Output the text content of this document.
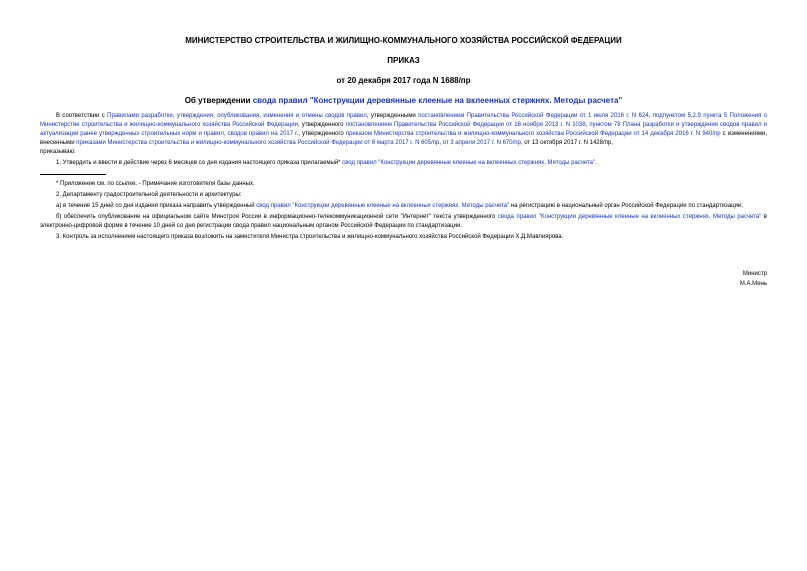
МИНИСТЕРСТВО СТРОИТЕЛЬСТВА И ЖИЛИЩНО-КОММУНАЛЬНОГО ХОЗЯЙСТВА РОССИЙСКОЙ ФЕДЕРАЦИИ
ПРИКАЗ
от 20 декабря 2017 года N 1688/пр
Об утверждении свода правил "Конструкции деревянные клееные на вклеенных стержнях. Методы расчета"

В соответствии с Правилами разработки, утверждения, опубликования, изменения и отмены сводов правил, утвержденными постановлением Правительства Российской Федерации от 1 июля 2016 г. N 624, подпунктом 5.2.9 пункта 5 Положения о Министерстве строительства и жилищно-коммунального хозяйства Российской Федерации, утвержденного постановлением Правительства Российской Федерации от 18 ноября 2013 г. N 1038, пунктом 78 Плана разработки и утверждения сводов правил и актуализации ранее утвержденных строительных норм и правил, сводов правил на 2017 г., утвержденного приказом Министерства строительства и жилищно-коммунального хозяйства Российской Федерации от 14 декабря 2016 г. N 940/пр с изменениями, внесенными приказами Министерства строительства и жилищно-коммунального хозяйства Российской Федерации от 6 марта 2017 г. N 605/пр, от 3 апреля 2017 г. N 670/пр, от 13 октября 2017 г. N 1428/пр,

приказываю:

1. Утвердить и ввести в действие через 6 месяцев со дня издания настоящего приказа прилагаемый* свод правил "Конструкции деревянные клееные на вклеенных стержнях. Методы расчета".

* Приложение см. по ссылке. - Примечание изготовителя базы данных.

2. Департаменту градостроительной деятельности и архитектуры:

а) в течение 15 дней со дня издания приказа направить утвержденный свод правил "Конструкции деревянные клееные на вклеенных стержнях. Методы расчета" на регистрацию в национальный орган Российской Федерации по стандартизации;

б) обеспечить опубликование на официальном сайте Минстроя России в информационно-телекоммуникационной сети "Интернет" текста утвержденного свода правил "Конструкции деревянные клееные на вклеенных стержнях. Методы расчета" в электронно-цифровой форме в течение 10 дней со дня регистрации свода правил национальным органом Российской Федерации по стандартизации.

3. Контроль за исполнением настоящего приказа возложить на заместителя Министра строительства и жилищно-коммунального хозяйства Российской Федерации Х.Д.Мавлиярова.

Министр
М.А.Мень
